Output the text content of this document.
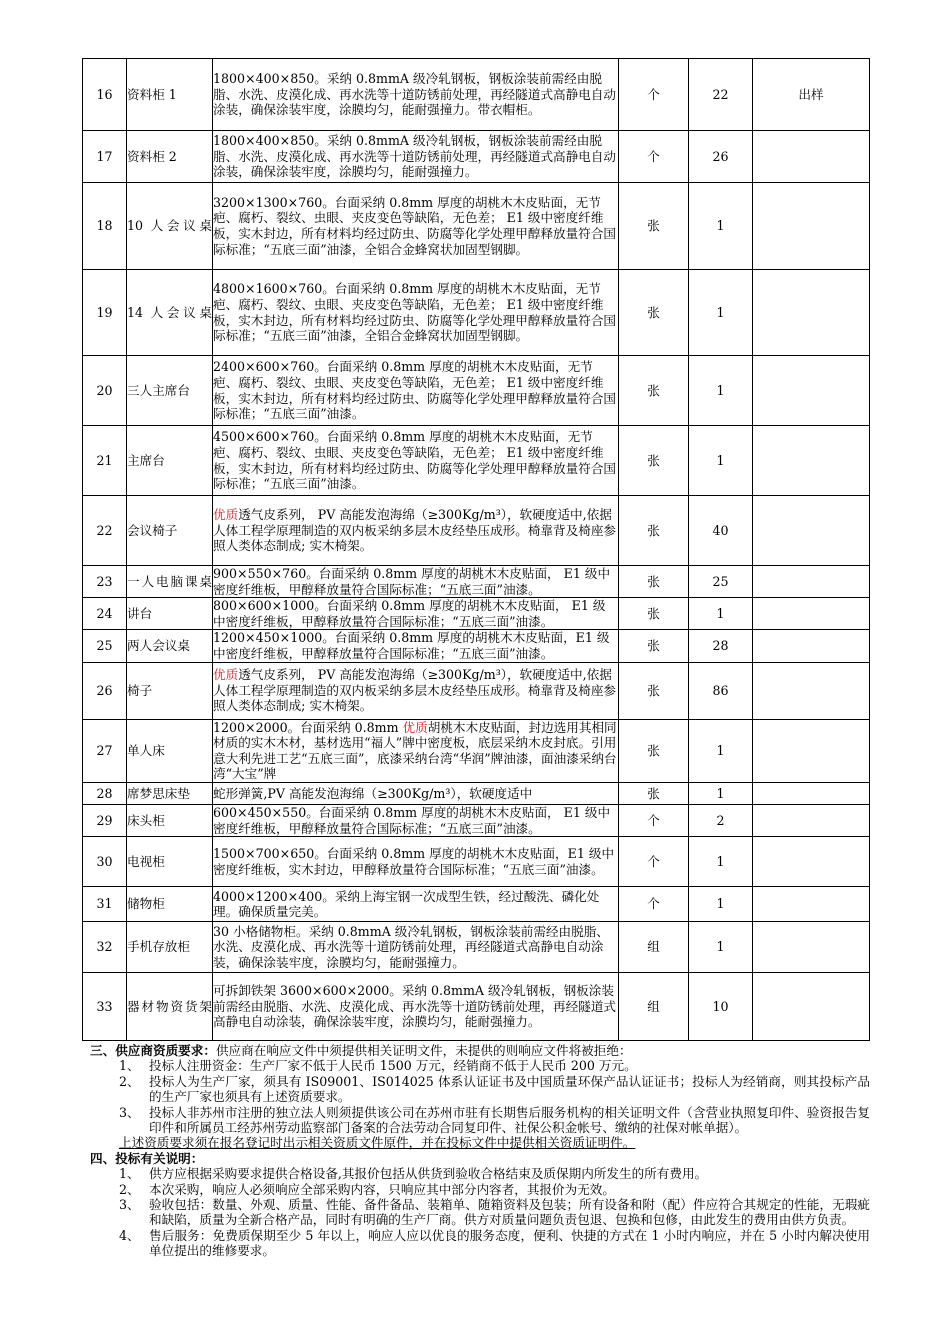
16	资料柜 1	1800×400×850。采纳 0.8mmA 级冷轧钢板，钢板涂装前需经由脱脂、水洗、皮漠化成、再水洗等十道防锈前处理，再经隧道式高静电自动涂装，确保涂装牢度，涂膜均匀，能耐强撞力。带衣帽柜。	个	22	出样
17	资料柜 2	1800×400×850。采纳 0.8mmA 级冷轧钢板，钢板涂装前需经由脱脂、水洗、皮漠化成、再水洗等十道防锈前处理，再经隧道式高静电自动涂装，确保涂装牢度，涂膜均匀，能耐强撞力。	个	26	
18	10 人会议桌	3200×1300×760。台面采纳 0.8mm 厚度的胡桃木木皮贴面，无节疤、腐朽、裂纹、虫眼、夹皮变色等缺陷，无色差； E1 级中密度纤维板，实木封边，所有材料均经过防虫、防腐等化学处理甲醇释放量符合国际标准；“五底三面”油漆，全铝合金蜂窝状加固型钢脚。	张	1	
19	14 人会议桌	4800×1600×760。台面采纳 0.8mm 厚度的胡桃木木皮贴面，无节疤、腐朽、裂纹、虫眼、夹皮变色等缺陷，无色差； E1 级中密度纤维板，实木封边，所有材料均经过防虫、防腐等化学处理甲醇释放量符合国际标准；“五底三面”油漆，全铝合金蜂窝状加固型钢脚。	张	1	
20	三人主席台	2400×600×760。台面采纳 0.8mm 厚度的胡桃木木皮贴面，无节疤、腐朽、裂纹、虫眼、夹皮变色等缺陷，无色差； E1 级中密度纤维板，实木封边，所有材料均经过防虫、防腐等化学处理甲醇释放量符合国际标准；“五底三面”油漆。	张	1	
21	主席台	4500×600×760。台面采纳 0.8mm 厚度的胡桃木木皮贴面，无节疤、腐朽、裂纹、虫眼、夹皮变色等缺陷，无色差； E1 级中密度纤维板，实木封边，所有材料均经过防虫、防腐等化学处理甲醇释放量符合国际标准；“五底三面”油漆。	张	1	
22	会议椅子	优质透气皮系列， PV 高能发泡海绵（≥300Kg/m³），软硬度适中,依据人体工程学原理制造的双内板采纳多层木皮经垫压成形。椅靠背及椅座参照人类体态制成; 实木椅架。	张	40	
23	一人电脑课桌	900×550×760。台面采纳 0.8mm 厚度的胡桃木木皮贴面， E1 级中密度纤维板，甲醇释放量符合国际标准；“五底三面”油漆。	张	25	
24	讲台	800×600×1000。台面采纳 0.8mm 厚度的胡桃木木皮贴面， E1 级中密度纤维板，甲醇释放量符合国际标准；“五底三面”油漆。	张	1	
25	两人会议桌	1200×450×1000。台面采纳 0.8mm 厚度的胡桃木木皮贴面，E1 级中密度纤维板，甲醇释放量符合国际标准；“五底三面”油漆。	张	28	
26	椅子	优质透气皮系列， PV 高能发泡海绵（≥300Kg/m³），软硬度适中,依据人体工程学原理制造的双内板采纳多层木皮经垫压成形。椅靠背及椅座参照人类体态制成; 实木椅架。	张	86	
27	单人床	1200×2000。台面采纳 0.8mm 优质胡桃木木皮贴面，封边选用其相同材质的实木木材，基材选用“福人”牌中密度板，底层采纳木皮封底。引用意大利先进工艺“五底三面”，底漆采纳台湾“华润”牌油漆，面油漆采纳台湾“大宝”牌	张	1	
28	席梦思床垫	蛇形弹簧,PV 高能发泡海绵（≥300Kg/m³），软硬度适中	张	1	
29	床头柜	600×450×550。台面采纳 0.8mm 厚度的胡桃木木皮贴面， E1 级中密度纤维板，甲醇释放量符合国际标准；“五底三面”油漆。	个	2	
30	电视柜	1500×700×650。台面采纳 0.8mm 厚度的胡桃木木皮贴面，E1 级中密度纤维板，实木封边，甲醇释放量符合国际标准；“五底三面”油漆。	个	1	
31	储物柜	4000×1200×400。采纳上海宝钢一次成型生铁，经过酸洗、磷化处理。确保质量完美。	个	1	
32	手机存放柜	30 小格储物柜。采纳 0.8mmA 级冷轧钢板，钢板涂装前需经由脱脂、水洗、皮漠化成、再水洗等十道防锈前处理，再经隧道式高静电自动涂装，确保涂装牢度，涂膜均匀，能耐强撞力。	组	1	
33	器材物资货架	可拆卸铁架 3600×600×2000。采纳 0.8mmA 级冷轧钢板，钢板涂装前需经由脱脂、水洗、皮漠化成、再水洗等十道防锈前处理，再经隧道式高静电自动涂装，确保涂装牢度，涂膜均匀，能耐强撞力。	组	10	
三、供应商资质要求：供应商在响应文件中须提供相关证明文件，未提供的则响应文件将被拒绝：
1、 投标人注册资金：生产厂家不低于人民币 1500 万元，经销商不低于人民币 200 万元。
2、 投标人为生产厂家，须具有 IS09001、IS014025 体系认证证书及中国质量环保产品认证证书；投标人为经销商，则其投标产品的生产厂家也须具有上述资质要求。
3、 投标人非苏州市注册的独立法人则须提供该公司在苏州市驻有长期售后服务机构的相关证明文件（含营业执照复印件、验资报告复印件和所属员工经苏州劳动监察部门备案的合法劳动合同复印件、社保公积金帐号、缴纳的社保对帐单据）。
上述资质要求须在报名登记时出示相关资质文件原件，并在投标文件中提供相关资质证明件。
四、投标有关说明：
1、 供方应根据采购要求提供合格设备,其报价包括从供货到验收合格结束及质保期内所发生的所有费用。
2、 本次采购，响应人必须响应全部采购内容，只响应其中部分内容者，其报价为无效。
3、 验收包括：数量、外观、质量、性能、备件备品、装箱单、随箱资料及包装；所有设备和附（配）件应符合其规定的性能，无瑕疵和缺陷，质量为全新合格产品，同时有明确的生产厂商。供方对质量问题负责包退、包换和包修，由此发生的费用由供方负责。
4、 售后服务：免费质保期至少 5 年以上，响应人应以优良的服务态度，便利、快捷的方式在 1 小时内响应，并在 5 小时内解决使用单位提出的维修要求。
